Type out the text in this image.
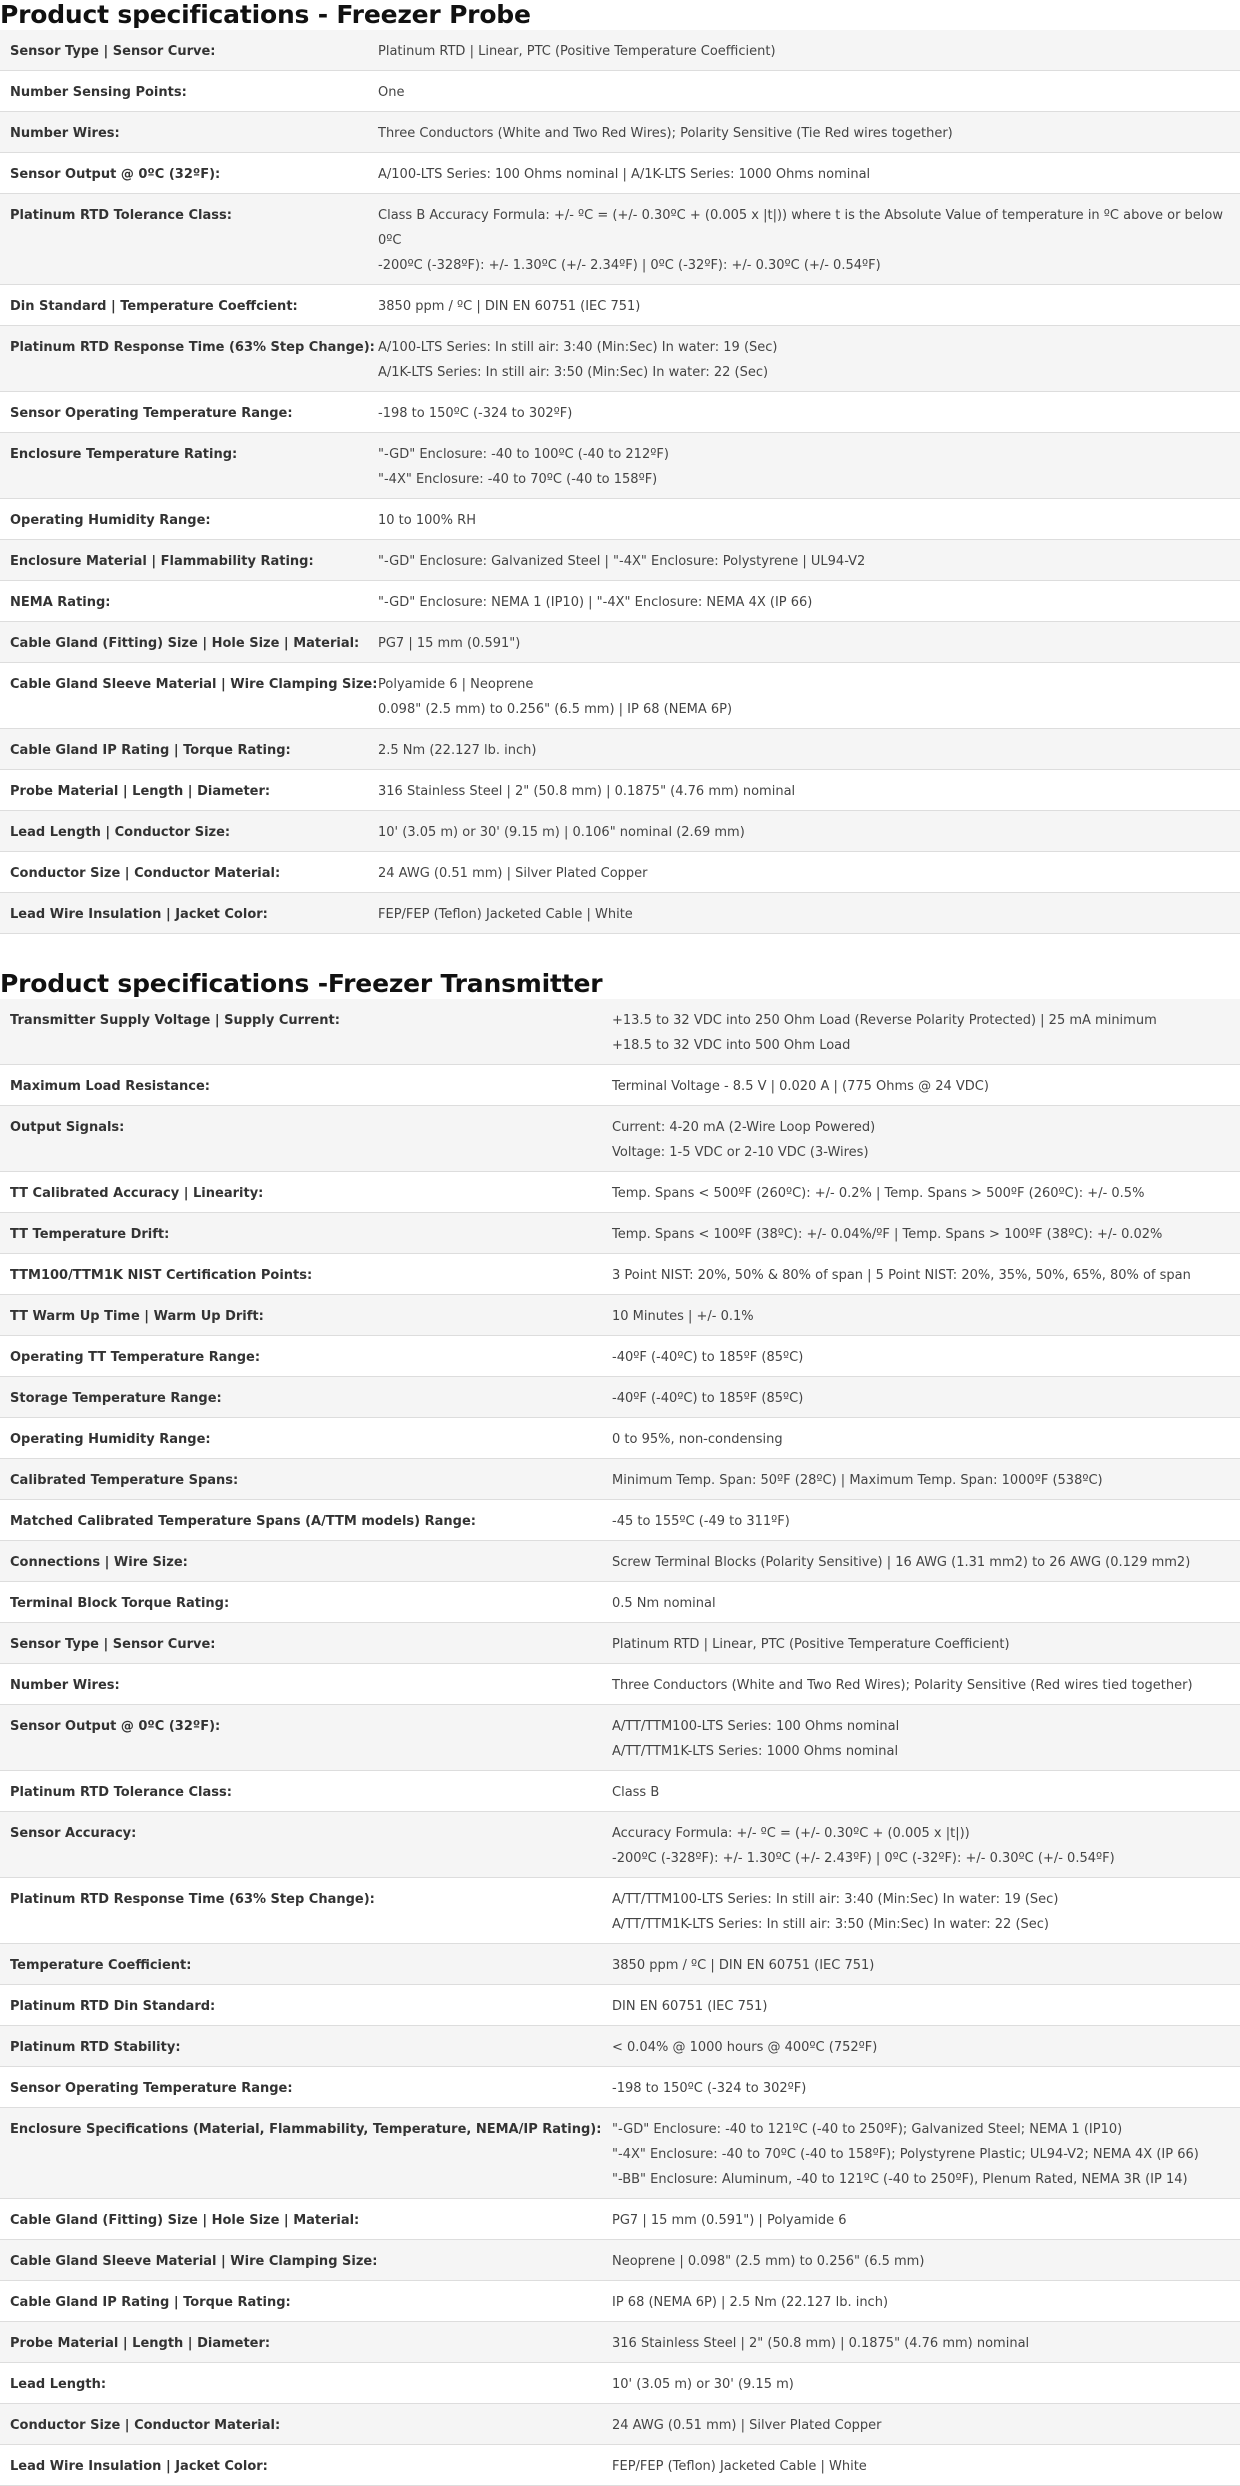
Product specifications - Freezer Probe
Sensor Type | Sensor Curve:	Platinum RTD | Linear, PTC (Positive Temperature Coefficient)

Number Sensing Points:	One

Number Wires:	Three Conductors (White and Two Red Wires); Polarity Sensitive (Tie Red wires together)

Sensor Output @ 0ºC (32ºF):	A/100-LTS Series: 100 Ohms nominal | A/1K-LTS Series: 1000 Ohms nominal

Platinum RTD Tolerance Class:	Class B Accuracy Formula: +/- ºC = (+/- 0.30ºC + (0.005 x |t|)) where t is the Absolute Value of temperature in ºC above or below 0ºC
-200ºC (-328ºF): +/- 1.30ºC (+/- 2.34ºF) | 0ºC (-32ºF): +/- 0.30ºC (+/- 0.54ºF)

Din Standard | Temperature Coeffcient:	3850 ppm / ºC | DIN EN 60751 (IEC 751)

Platinum RTD Response Time (63% Step Change):	A/100-LTS Series: In still air: 3:40 (Min:Sec) In water: 19 (Sec)
A/1K-LTS Series: In still air: 3:50 (Min:Sec) In water: 22 (Sec)

Sensor Operating Temperature Range:	-198 to 150ºC (-324 to 302ºF)

Enclosure Temperature Rating:	"-GD" Enclosure: -40 to 100ºC (-40 to 212ºF)
"-4X" Enclosure: -40 to 70ºC (-40 to 158ºF)

Operating Humidity Range:	10 to 100% RH

Enclosure Material | Flammability Rating:	"-GD" Enclosure: Galvanized Steel | "-4X" Enclosure: Polystyrene | UL94-V2

NEMA Rating:	"-GD" Enclosure: NEMA 1 (IP10) | "-4X" Enclosure: NEMA 4X (IP 66)

Cable Gland (Fitting) Size | Hole Size | Material:	PG7 | 15 mm (0.591")

Cable Gland Sleeve Material | Wire Clamping Size:	Polyamide 6 | Neoprene
0.098" (2.5 mm) to 0.256" (6.5 mm) | IP 68 (NEMA 6P)

Cable Gland IP Rating | Torque Rating:	2.5 Nm (22.127 lb. inch)

Probe Material | Length | Diameter:	316 Stainless Steel | 2" (50.8 mm) | 0.1875" (4.76 mm) nominal

Lead Length | Conductor Size:	10' (3.05 m) or 30' (9.15 m) | 0.106" nominal (2.69 mm)

Conductor Size | Conductor Material:	24 AWG (0.51 mm) | Silver Plated Copper

Lead Wire Insulation | Jacket Color:	FEP/FEP (Teflon) Jacketed Cable | White
Product specifications -Freezer Transmitter
Transmitter Supply Voltage | Supply Current:	+13.5 to 32 VDC into 250 Ohm Load (Reverse Polarity Protected) | 25 mA minimum
+18.5 to 32 VDC into 500 Ohm Load

Maximum Load Resistance:	Terminal Voltage - 8.5 V | 0.020 A | (775 Ohms @ 24 VDC)

Output Signals:	Current: 4-20 mA (2-Wire Loop Powered)
Voltage: 1-5 VDC or 2-10 VDC (3-Wires)

TT Calibrated Accuracy | Linearity:	Temp. Spans < 500ºF (260ºC): +/- 0.2% | Temp. Spans > 500ºF (260ºC): +/- 0.5%

TT Temperature Drift:	Temp. Spans < 100ºF (38ºC): +/- 0.04%/ºF | Temp. Spans > 100ºF (38ºC): +/- 0.02%

TTM100/TTM1K NIST Certification Points:	3 Point NIST: 20%, 50% & 80% of span | 5 Point NIST: 20%, 35%, 50%, 65%, 80% of span

TT Warm Up Time | Warm Up Drift:	10 Minutes | +/- 0.1%

Operating TT Temperature Range:	-40ºF (-40ºC) to 185ºF (85ºC)

Storage Temperature Range:	-40ºF (-40ºC) to 185ºF (85ºC)

Operating Humidity Range:	0 to 95%, non-condensing

Calibrated Temperature Spans:	Minimum Temp. Span: 50ºF (28ºC) | Maximum Temp. Span: 1000ºF (538ºC)

Matched Calibrated Temperature Spans (A/TTM models) Range:	-45 to 155ºC (-49 to 311ºF)

Connections | Wire Size:	Screw Terminal Blocks (Polarity Sensitive) | 16 AWG (1.31 mm2) to 26 AWG (0.129 mm2)

Terminal Block Torque Rating:	0.5 Nm nominal

Sensor Type | Sensor Curve:	Platinum RTD | Linear, PTC (Positive Temperature Coefficient)

Number Wires:	Three Conductors (White and Two Red Wires); Polarity Sensitive (Red wires tied together)

Sensor Output @ 0ºC (32ºF):	A/TT/TTM100-LTS Series: 100 Ohms nominal
A/TT/TTM1K-LTS Series: 1000 Ohms nominal

Platinum RTD Tolerance Class:	Class B

Sensor Accuracy:	Accuracy Formula: +/- ºC = (+/- 0.30ºC + (0.005 x |t|))
-200ºC (-328ºF): +/- 1.30ºC (+/- 2.43ºF) | 0ºC (-32ºF): +/- 0.30ºC (+/- 0.54ºF)

Platinum RTD Response Time (63% Step Change):	A/TT/TTM100-LTS Series: In still air: 3:40 (Min:Sec) In water: 19 (Sec)
A/TT/TTM1K-LTS Series: In still air: 3:50 (Min:Sec) In water: 22 (Sec)

Temperature Coefficient:	3850 ppm / ºC | DIN EN 60751 (IEC 751)

Platinum RTD Din Standard:	DIN EN 60751 (IEC 751)

Platinum RTD Stability:	< 0.04% @ 1000 hours @ 400ºC (752ºF)

Sensor Operating Temperature Range:	-198 to 150ºC (-324 to 302ºF)

Enclosure Specifications (Material, Flammability, Temperature, NEMA/IP Rating):	"-GD" Enclosure: -40 to 121ºC (-40 to 250ºF); Galvanized Steel; NEMA 1 (IP10)
"-4X" Enclosure: -40 to 70ºC (-40 to 158ºF); Polystyrene Plastic; UL94-V2; NEMA 4X (IP 66)
"-BB" Enclosure: Aluminum, -40 to 121ºC (-40 to 250ºF), Plenum Rated, NEMA 3R (IP 14)

Cable Gland (Fitting) Size | Hole Size | Material:	PG7 | 15 mm (0.591") | Polyamide 6

Cable Gland Sleeve Material | Wire Clamping Size:	Neoprene | 0.098" (2.5 mm) to 0.256" (6.5 mm)

Cable Gland IP Rating | Torque Rating:	IP 68 (NEMA 6P) | 2.5 Nm (22.127 lb. inch)

Probe Material | Length | Diameter:	316 Stainless Steel | 2" (50.8 mm) | 0.1875" (4.76 mm) nominal

Lead Length:	10' (3.05 m) or 30' (9.15 m)

Conductor Size | Conductor Material:	24 AWG (0.51 mm) | Silver Plated Copper

Lead Wire Insulation | Jacket Color:	FEP/FEP (Teflon) Jacketed Cable | White
